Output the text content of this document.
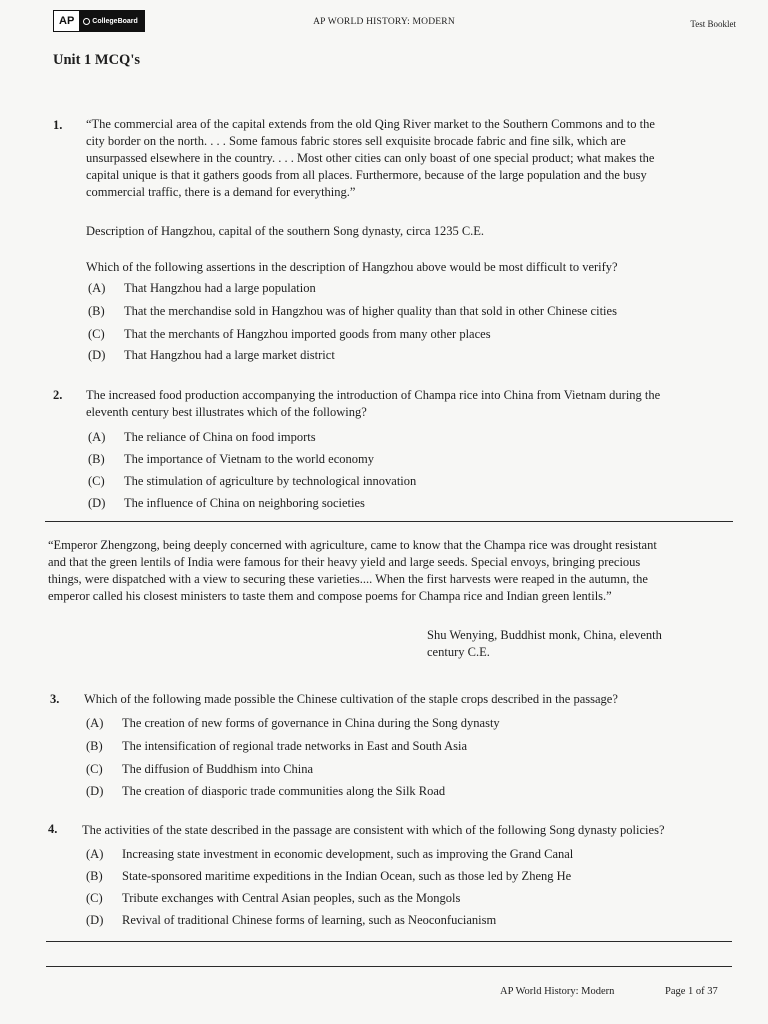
AP	CollegeBoard	AP WORLD HISTORY: MODERN	Test Booklet
Unit 1 MCQ's
1. “The commercial area of the capital extends from the old Qing River market to the Southern Commons and to the
city border on the north. . . . Some famous fabric stores sell exquisite brocade fabric and fine silk, which are
unsurpassed elsewhere in the country. . . . Most other cities can only boast of one special product; what makes the
capital unique is that it gathers goods from all places. Furthermore, because of the large population and the busy
commercial traffic, there is a demand for everything.”
Description of Hangzhou, capital of the southern Song dynasty, circa 1235 C.E.
Which of the following assertions in the description of Hangzhou above would be most difficult to verify?
(A)	That Hangzhou had a large population
(B)	That the merchandise sold in Hangzhou was of higher quality than that sold in other Chinese cities
(C)	That the merchants of Hangzhou imported goods from many other places
(D)	That Hangzhou had a large market district
2. The increased food production accompanying the introduction of Champa rice into China from Vietnam during the
eleventh century best illustrates which of the following?
(A)	The reliance of China on food imports
(B)	The importance of Vietnam to the world economy
(C)	The stimulation of agriculture by technological innovation
(D)	The influence of China on neighboring societies
“Emperor Zhengzong, being deeply concerned with agriculture, came to know that the Champa rice was drought resistant
and that the green lentils of India were famous for their heavy yield and large seeds. Special envoys, bringing precious
things, were dispatched with a view to securing these varieties.... When the first harvests were reaped in the autumn, the
emperor called his closest ministers to taste them and compose poems for Champa rice and Indian green lentils.”
Shu Wenying, Buddhist monk, China, eleventh
century C.E.
3. Which of the following made possible the Chinese cultivation of the staple crops described in the passage?
(A)	The creation of new forms of governance in China during the Song dynasty
(B)	The intensification of regional trade networks in East and South Asia
(C)	The diffusion of Buddhism into China
(D)	The creation of diasporic trade communities along the Silk Road
4. The activities of the state described in the passage are consistent with which of the following Song dynasty policies?
(A)	Increasing state investment in economic development, such as improving the Grand Canal
(B)	State-sponsored maritime expeditions in the Indian Ocean, such as those led by Zheng He
(C)	Tribute exchanges with Central Asian peoples, such as the Mongols
(D)	Revival of traditional Chinese forms of learning, such as Neoconfucianism
AP World History: Modern	Page 1 of 37
